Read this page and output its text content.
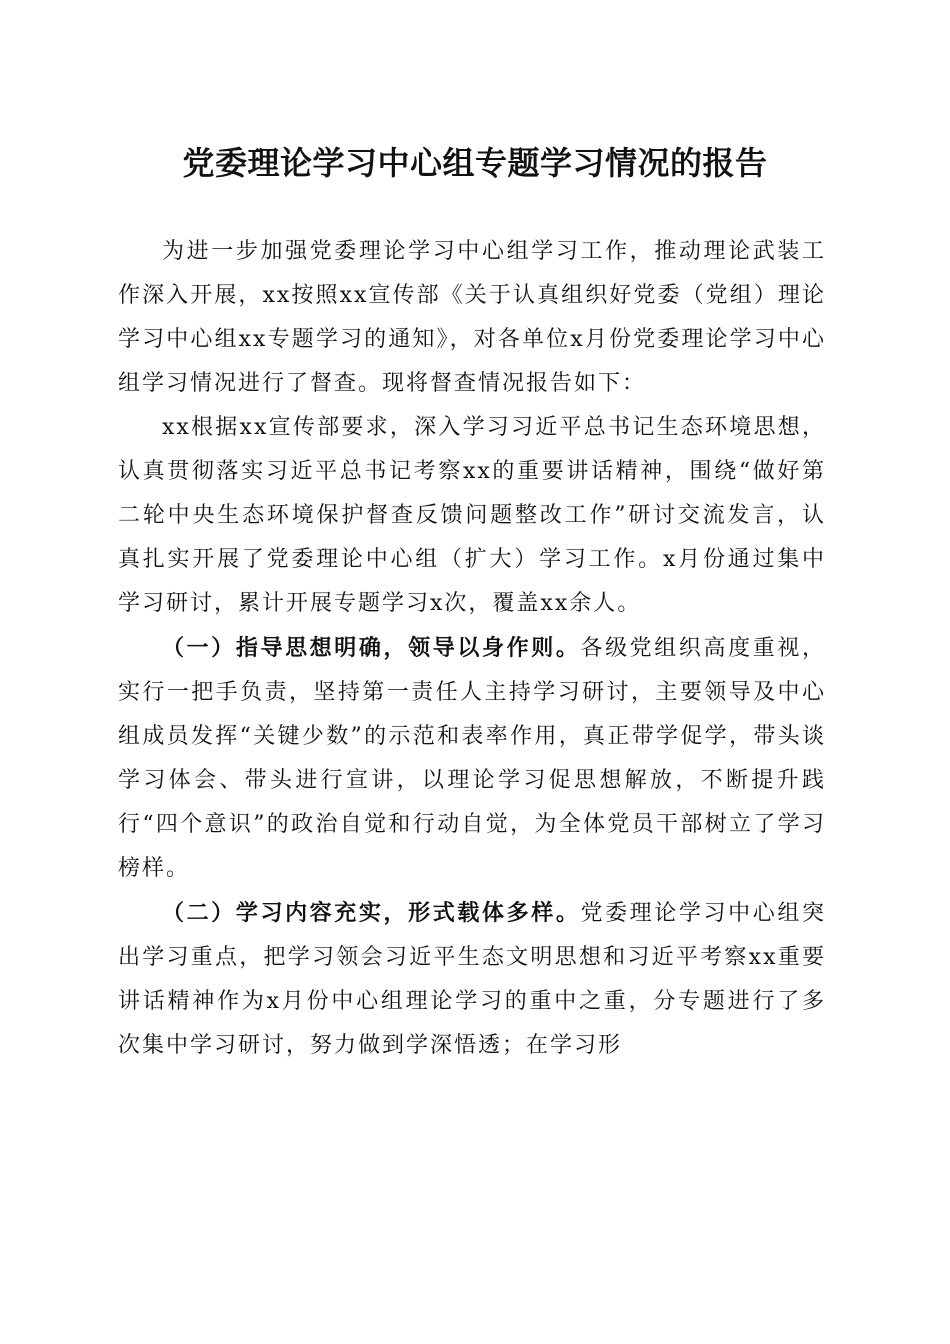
党委理论学习中心组专题学习情况的报告

为进一步加强党委理论学习中心组学习工作，推动理论武装工作深入开展，xx按照xx宣传部《关于认真组织好党委（党组）理论学习中心组xx专题学习的通知》，对各单位x月份党委理论学习中心组学习情况进行了督查。现将督查情况报告如下：

xx根据xx宣传部要求，深入学习习近平总书记生态环境思想，认真贯彻落实习近平总书记考察xx的重要讲话精神，围绕“做好第二轮中央生态环境保护督查反馈问题整改工作”研讨交流发言，认真扎实开展了党委理论中心组（扩大）学习工作。x月份通过集中学习研讨，累计开展专题学习x次，覆盖xx余人。

（一）指导思想明确，领导以身作则。各级党组织高度重视，实行一把手负责，坚持第一责任人主持学习研讨，主要领导及中心组成员发挥“关键少数”的示范和表率作用，真正带学促学，带头谈学习体会、带头进行宣讲，以理论学习促思想解放，不断提升践行“四个意识”的政治自觉和行动自觉，为全体党员干部树立了学习榜样。

（二）学习内容充实，形式载体多样。党委理论学习中心组突出学习重点，把学习领会习近平生态文明思想和习近平考察xx重要讲话精神作为x月份中心组理论学习的重中之重，分专题进行了多次集中学习研讨，努力做到学深悟透；在学习形
